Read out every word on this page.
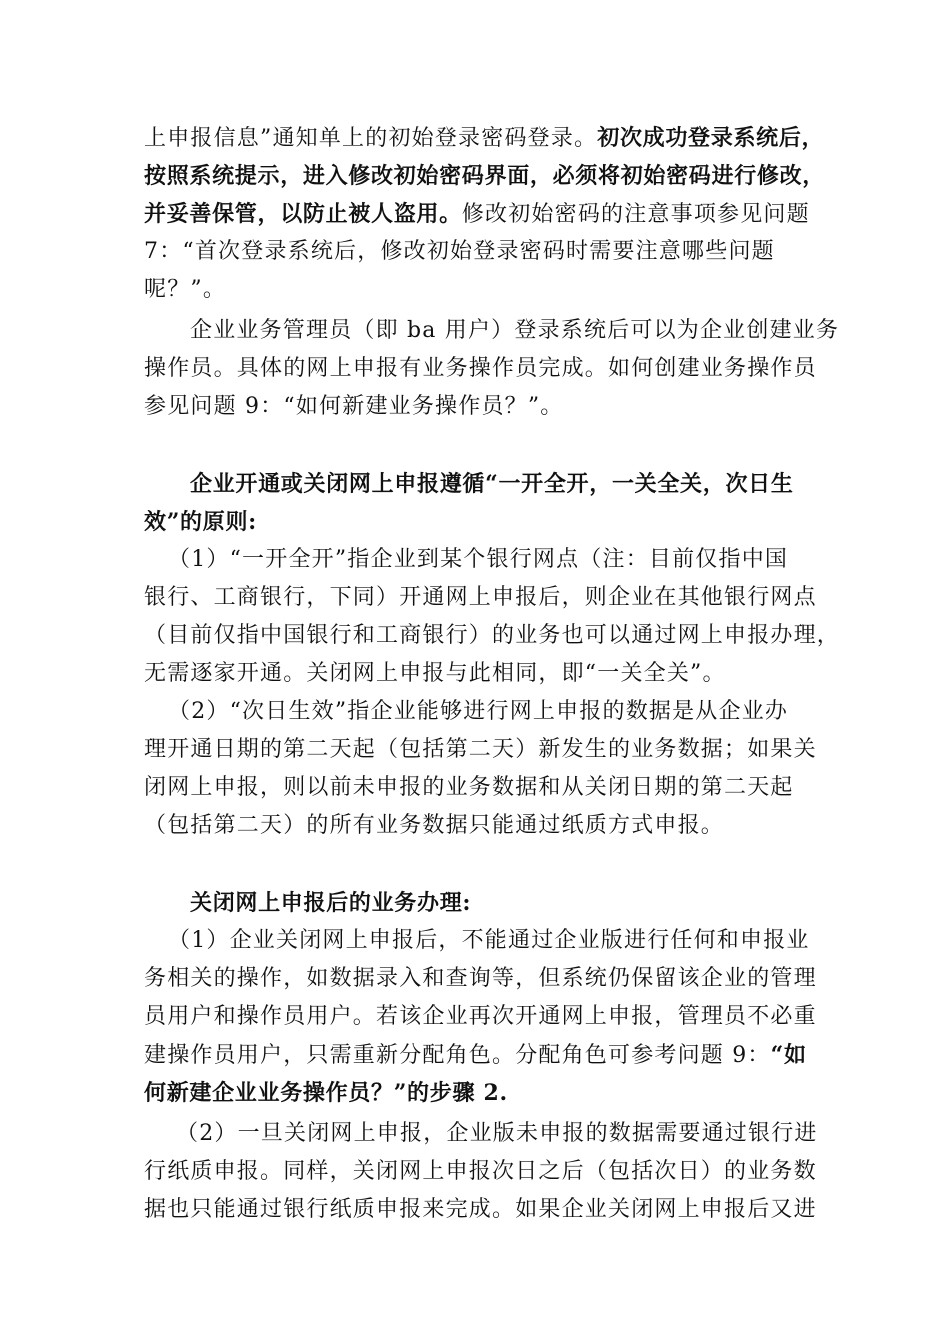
上申报信息”通知单上的初始登录密码登录。初次成功登录系统后，
按照系统提示，进入修改初始密码界面，必须将初始密码进行修改，
并妥善保管，以防止被人盗用。修改初始密码的注意事项参见问题
7：“首次登录系统后，修改初始登录密码时需要注意哪些问题
呢？”。
企业业务管理员（即 ba 用户）登录系统后可以为企业创建业务
操作员。具体的网上申报有业务操作员完成。如何创建业务操作员
参见问题 9：“如何新建业务操作员？”。
企业开通或关闭网上申报遵循“一开全开，一关全关，次日生
效”的原则:
（1）“一开全开”指企业到某个银行网点（注：目前仅指中国
银行、工商银行，下同）开通网上申报后，则企业在其他银行网点
（目前仅指中国银行和工商银行）的业务也可以通过网上申报办理，
无需逐家开通。关闭网上申报与此相同，即“一关全关”。
（2）“次日生效”指企业能够进行网上申报的数据是从企业办
理开通日期的第二天起（包括第二天）新发生的业务数据；如果关
闭网上申报，则以前未申报的业务数据和从关闭日期的第二天起
（包括第二天）的所有业务数据只能通过纸质方式申报。
关闭网上申报后的业务办理:
（1）企业关闭网上申报后，不能通过企业版进行任何和申报业
务相关的操作，如数据录入和查询等，但系统仍保留该企业的管理
员用户和操作员用户。若该企业再次开通网上申报，管理员不必重
建操作员用户，只需重新分配角色。分配角色可参考问题 9：“如
何新建企业业务操作员？”的步骤 2.
（2）一旦关闭网上申报，企业版未申报的数据需要通过银行进
行纸质申报。同样，关闭网上申报次日之后（包括次日）的业务数
据也只能通过银行纸质申报来完成。如果企业关闭网上申报后又进
